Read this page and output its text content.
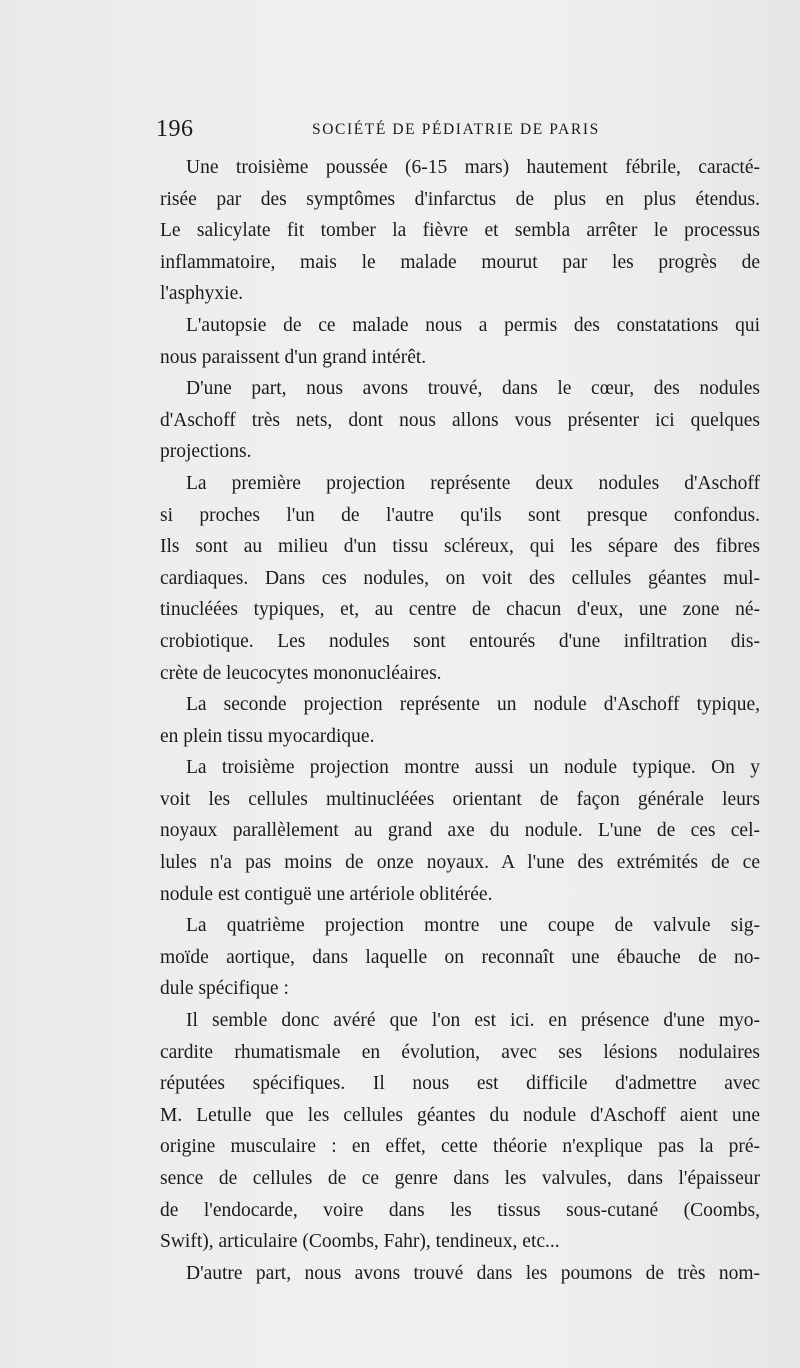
196	SOCIÉTÉ DE PÉDIATRIE DE PARIS
Une troisième poussée (6-15 mars) hautement fébrile, caracté-
risée par des symptômes d'infarctus de plus en plus étendus.
Le salicylate fit tomber la fièvre et sembla arrêter le processus
inflammatoire, mais le malade mourut par les progrès de
l'asphyxie.
L'autopsie de ce malade nous a permis des constatations qui
nous paraissent d'un grand intérêt.
D'une part, nous avons trouvé, dans le cœur, des nodules
d'Aschoff très nets, dont nous allons vous présenter ici quelques
projections.
La première projection représente deux nodules d'Aschoff
si proches l'un de l'autre qu'ils sont presque confondus.
Ils sont au milieu d'un tissu scléreux, qui les sépare des fibres
cardiaques. Dans ces nodules, on voit des cellules géantes mul-
tinucléées typiques, et, au centre de chacun d'eux, une zone né-
crobiotique. Les nodules sont entourés d'une infiltration dis-
crète de leucocytes mononucléaires.
La seconde projection représente un nodule d'Aschoff typique,
en plein tissu myocardique.
La troisième projection montre aussi un nodule typique. On y
voit les cellules multinucléées orientant de façon générale leurs
noyaux parallèlement au grand axe du nodule. L'une de ces cel-
lules n'a pas moins de onze noyaux. A l'une des extrémités de ce
nodule est contiguë une artériole oblitérée.
La quatrième projection montre une coupe de valvule sig-
moïde aortique, dans laquelle on reconnaît une ébauche de no-
dule spécifique :
Il semble donc avéré que l'on est ici. en présence d'une myo-
cardite rhumatismale en évolution, avec ses lésions nodulaires
réputées spécifiques. Il nous est difficile d'admettre avec
M. Letulle que les cellules géantes du nodule d'Aschoff aient une
origine musculaire : en effet, cette théorie n'explique pas la pré-
sence de cellules de ce genre dans les valvules, dans l'épaisseur
de l'endocarde, voire dans les tissus sous-cutané (Coombs,
Swift), articulaire (Coombs, Fahr), tendineux, etc...
D'autre part, nous avons trouvé dans les poumons de très nom-
